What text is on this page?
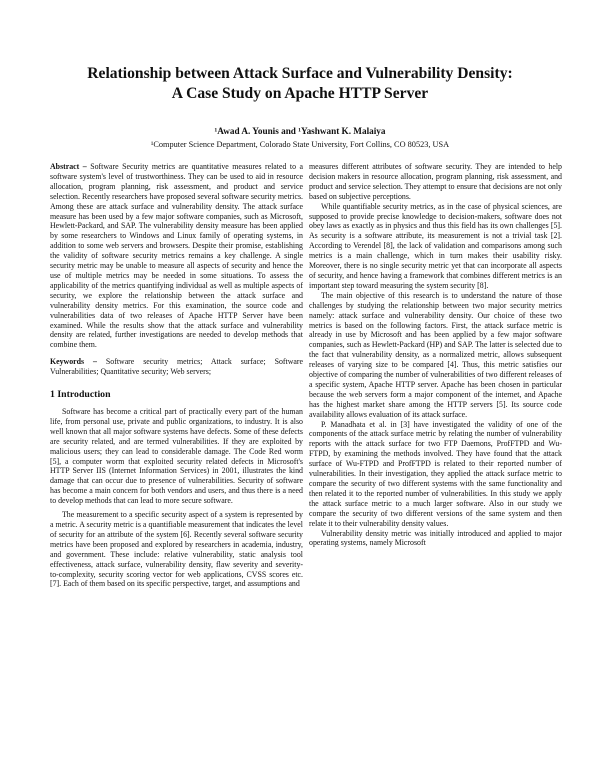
Relationship between Attack Surface and Vulnerability Density:
A Case Study on Apache HTTP Server
¹Awad A. Younis and ¹Yashwant K. Malaiya
¹Computer Science Department, Colorado State University, Fort Collins, CO 80523, USA

Abstract – Software Security metrics are quantitative measures related to a software system's level of trustworthiness. They can be used to aid in resource allocation, program planning, risk assessment, and product and service selection. Recently researchers have proposed several software security metrics. Among these are attack surface and vulnerability density. The attack surface measure has been used by a few major software companies, such as Microsoft, Hewlett-Packard, and SAP. The vulnerability density measure has been applied by some researchers to Windows and Linux family of operating systems, in addition to some web servers and browsers. Despite their promise, establishing the validity of software security metrics remains a key challenge. A single security metric may be unable to measure all aspects of security and hence the use of multiple metrics may be needed in some situations. To assess the applicability of the metrics quantifying individual as well as multiple aspects of security, we explore the relationship between the attack surface and vulnerability density metrics. For this examination, the source code and vulnerabilities data of two releases of Apache HTTP Server have been examined. While the results show that the attack surface and vulnerability density are related, further investigations are needed to develop methods that combine them.

Keywords – Software security metrics; Attack surface; Software Vulnerabilities; Quantitative security; Web servers;

1 Introduction

Software has become a critical part of practically every part of the human life, from personal use, private and public organizations, to industry. It is also well known that all major software systems have defects. Some of these defects are security related, and are termed vulnerabilities. If they are exploited by malicious users; they can lead to considerable damage. The Code Red worm [5], a computer worm that exploited security related defects in Microsoft's HTTP Server IIS (Internet Information Services) in 2001, illustrates the kind damage that can occur due to presence of vulnerabilities. Security of software has become a main concern for both vendors and users, and thus there is a need to develop methods that can lead to more secure software.

The measurement to a specific security aspect of a system is represented by a metric. A security metric is a quantifiable measurement that indicates the level of security for an attribute of the system [6]. Recently several software security metrics have been proposed and explored by researchers in academia, industry, and government. These include: relative vulnerability, static analysis tool effectiveness, attack surface, vulnerability density, flaw severity and severity-to-complexity, security scoring vector for web applications, CVSS scores etc. [7]. Each of them based on its specific perspective, target, and assumptions and

measures different attributes of software security. They are intended to help decision makers in resource allocation, program planning, risk assessment, and product and service selection. They attempt to ensure that decisions are not only based on subjective perceptions.

While quantifiable security metrics, as in the case of physical sciences, are supposed to provide precise knowledge to decision-makers, software does not obey laws as exactly as in physics and thus this field has its own challenges [5]. As security is a software attribute, its measurement is not a trivial task [2]. According to Verendel [8], the lack of validation and comparisons among such metrics is a main challenge, which in turn makes their usability risky. Moreover, there is no single security metric yet that can incorporate all aspects of security, and hence having a framework that combines different metrics is an important step toward measuring the system security [8].

The main objective of this research is to understand the nature of those challenges by studying the relationship between two major security metrics namely: attack surface and vulnerability density. Our choice of these two metrics is based on the following factors. First, the attack surface metric is already in use by Microsoft and has been applied by a few major software companies, such as Hewlett-Packard (HP) and SAP. The latter is selected due to the fact that vulnerability density, as a normalized metric, allows subsequent releases of varying size to be compared [4]. Thus, this metric satisfies our objective of comparing the number of vulnerabilities of two different releases of a specific system, Apache HTTP server. Apache has been chosen in particular because the web servers form a major component of the internet, and Apache has the highest market share among the HTTP servers [5]. Its source code availability allows evaluation of its attack surface.

P. Manadhata et al. in [3] have investigated the validity of one of the components of the attack surface metric by relating the number of vulnerability reports with the attack surface for two FTP Daemons, ProfFTPD and Wu-FTPD, by examining the methods involved. They have found that the attack surface of Wu-FTPD and ProfFTPD is related to their reported number of vulnerabilities. In their investigation, they applied the attack surface metric to compare the security of two different systems with the same functionality and then related it to the reported number of vulnerabilities. In this study we apply the attack surface metric to a much larger software. Also in our study we compare the security of two different versions of the same system and then relate it to their vulnerability density values.

Vulnerability density metric was initially introduced and applied to major operating systems, namely Microsoft
